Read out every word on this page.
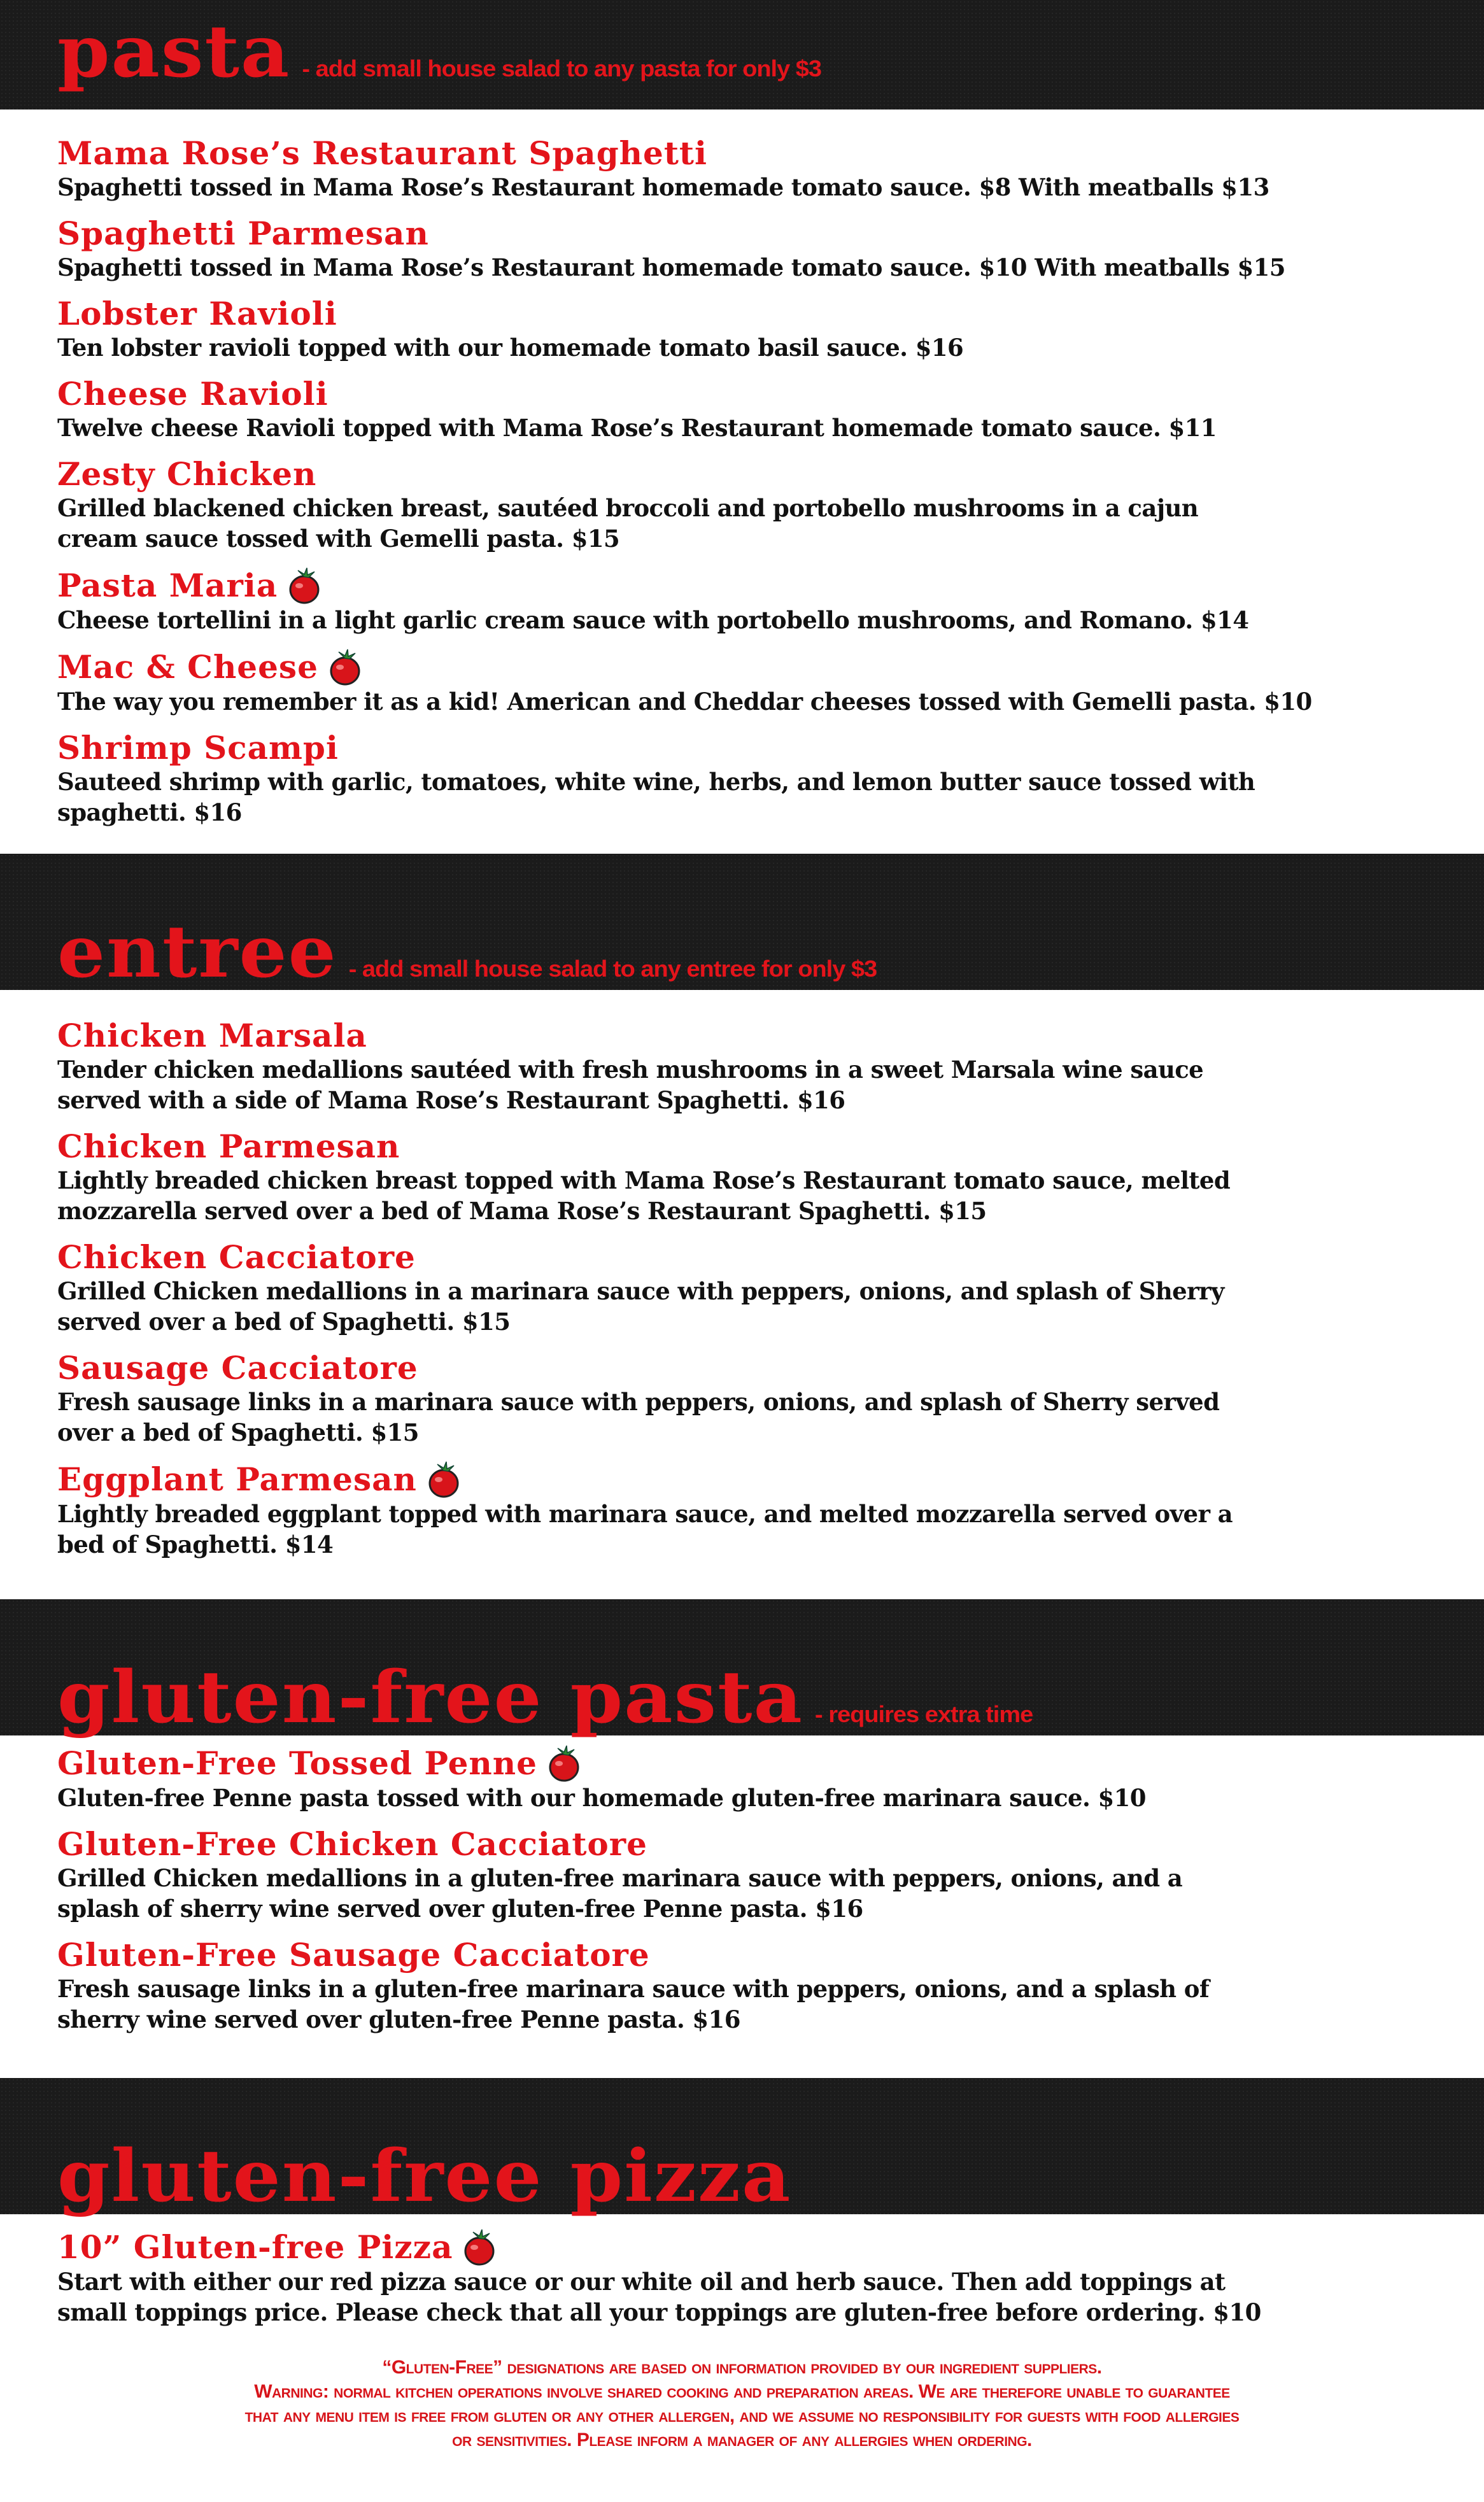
pasta - add small house salad to any pasta for only $3
Mama Rose’s Restaurant Spaghetti
Spaghetti tossed in Mama Rose’s Restaurant homemade tomato sauce. $8 With meatballs $13
Spaghetti Parmesan
Spaghetti tossed in Mama Rose’s Restaurant homemade tomato sauce. $10 With meatballs $15
Lobster Ravioli
Ten lobster ravioli topped with our homemade tomato basil sauce. $16
Cheese Ravioli
Twelve cheese Ravioli topped with Mama Rose’s Restaurant homemade tomato sauce. $11
Zesty Chicken
Grilled blackened chicken breast, sautéed broccoli and portobello mushrooms in a cajun
cream sauce tossed with Gemelli pasta. $15
Pasta Maria
Cheese tortellini in a light garlic cream sauce with portobello mushrooms, and Romano. $14
Mac & Cheese
The way you remember it as a kid! American and Cheddar cheeses tossed with Gemelli pasta. $10
Shrimp Scampi
Sauteed shrimp with garlic, tomatoes, white wine, herbs, and lemon butter sauce tossed with
spaghetti. $16
entree - add small house salad to any entree for only $3
Chicken Marsala
Tender chicken medallions sautéed with fresh mushrooms in a sweet Marsala wine sauce
served with a side of Mama Rose’s Restaurant Spaghetti. $16
Chicken Parmesan
Lightly breaded chicken breast topped with Mama Rose’s Restaurant tomato sauce, melted
mozzarella served over a bed of Mama Rose’s Restaurant Spaghetti. $15
Chicken Cacciatore
Grilled Chicken medallions in a marinara sauce with peppers, onions, and splash of Sherry
served over a bed of Spaghetti. $15
Sausage Cacciatore
Fresh sausage links in a marinara sauce with peppers, onions, and splash of Sherry served
over a bed of Spaghetti. $15
Eggplant Parmesan
Lightly breaded eggplant topped with marinara sauce, and melted mozzarella served over a
bed of Spaghetti. $14
gluten-free pasta - requires extra time
Gluten-Free Tossed Penne
Gluten-free Penne pasta tossed with our homemade gluten-free marinara sauce. $10
Gluten-Free Chicken Cacciatore
Grilled Chicken medallions in a gluten-free marinara sauce with peppers, onions, and a
splash of sherry wine served over gluten-free Penne pasta. $16
Gluten-Free Sausage Cacciatore
Fresh sausage links in a gluten-free marinara sauce with peppers, onions, and a splash of
sherry wine served over gluten-free Penne pasta. $16
gluten-free pizza
10” Gluten-free Pizza
Start with either our red pizza sauce or our white oil and herb sauce. Then add toppings at
small toppings price. Please check that all your toppings are gluten-free before ordering. $10
“Gluten-Free” designations are based on information provided by our ingredient suppliers.
Warning: normal kitchen operations involve shared cooking and preparation areas. We are therefore unable to guarantee
that any menu item is free from gluten or any other allergen, and we assume no responsibility for guests with food allergies
or sensitivities. Please inform a manager of any allergies when ordering.
